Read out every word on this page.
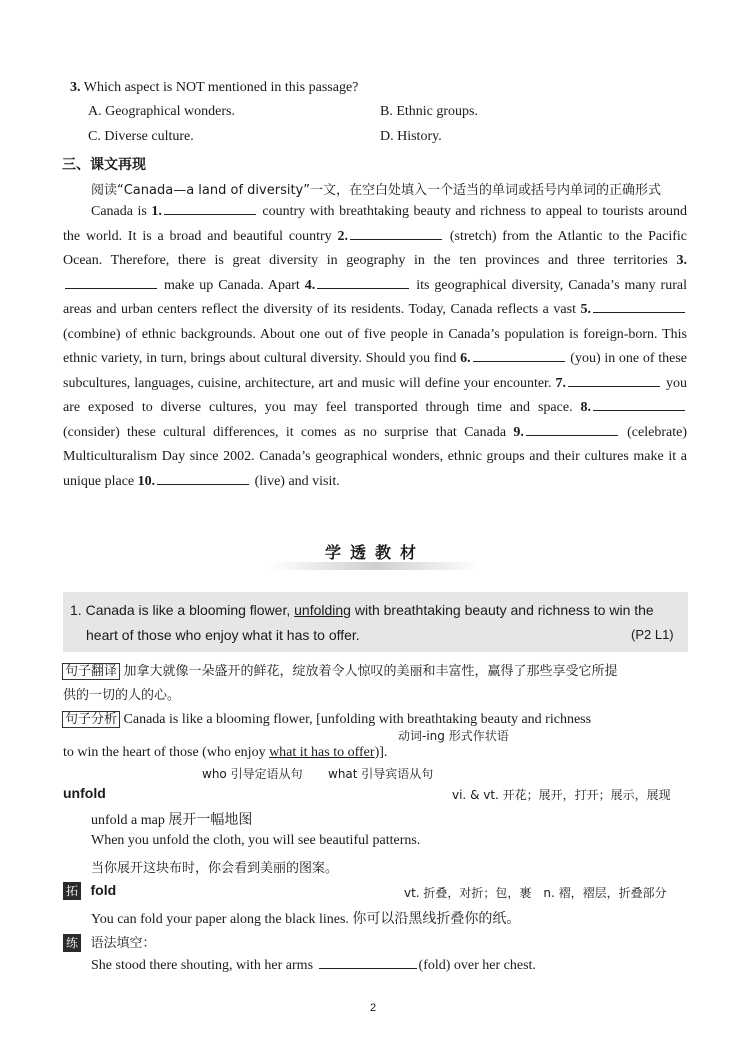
3. Which aspect is NOT mentioned in this passage?
A. Geographical wonders.	B. Ethnic groups.
C. Diverse culture.	D. History.
三、课文再现
阅读“Canada—a land of diversity”一文，在空白处填入一个适当的单词或括号内单词的正确形式
Canada is 1.	country with breathtaking beauty and richness to appeal to tourists around the world. It is a broad and beautiful country 2.	(stretch) from the Atlantic to the Pacific Ocean. Therefore, there is great diversity in geography in the ten provinces and three territories 3. make up Canada. Apart 4.	its geographical diversity, Canada’s many rural areas and urban centers reflect the diversity of its residents. Today, Canada reflects a vast 5. (combine) of ethnic backgrounds. About one out of five people in Canada’s population is foreign-born. This ethnic variety, in turn, brings about cultural diversity. Should you find 6.	(you) in one of these subcultures, languages, cuisine, architecture, art and music will define your encounter. 7.	you are exposed to diverse cultures, you may feel transported through time and space. 8. (consider) these cultural differences, it comes as no surprise that Canada 9.	(celebrate) Multiculturalism Day since 2002. Canada’s geographical wonders, ethnic groups and their cultures make it a unique place 10.	(live) and visit.
学透教材
1. Canada is like a blooming flower, unfolding with breathtaking beauty and richness to win the
heart of those who enjoy what it has to offer.	(P2 L1)
句子翻译 加拿大就像一朵盛开的鲜花，绽放着令人惊叹的美丽和丰富性，赢得了那些享受它所提
供的一切的人的心。
句子分析 Canada is like a blooming flower, [unfolding with breathtaking beauty and richness
动词-ing 形式作状语
to win the heart of those (who enjoy what it has to offer)].
who 引导定语从句 what 引导宾语从句
unfold	vi. & vt. 开花；展开，打开；展示，展现
unfold a map 展开一幅地图
When you unfold the cloth, you will see beautiful patterns.
当你展开这块布时，你会看到美丽的图案。
拓 fold	vt. 折叠，对折；包，裹　n. 褶，褶层，折叠部分
You can fold your paper along the black lines. 你可以沿黑线折叠你的纸。
练 语法填空：
She stood there shouting, with her arms	(fold) over her chest.
2
